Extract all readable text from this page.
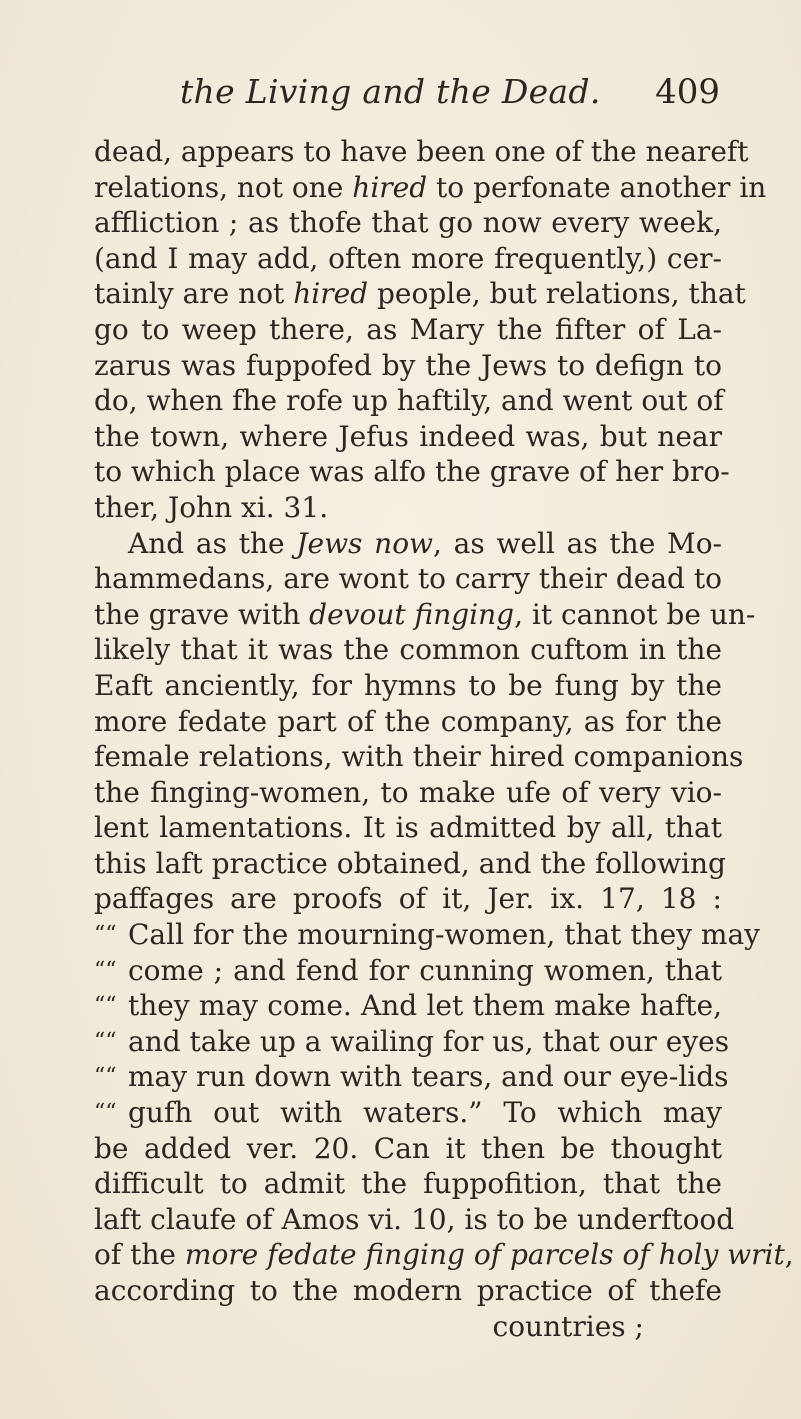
the Living and the Dead. 409
dead, appears to have been one of the neareft
relations, not one hired to perfonate another in
affliction ; as thofe that go now every week,
(and I may add, often more frequently,) cer-
tainly are not hired people, but relations, that
go to weep there, as Mary the fifter of La-
zarus was fuppofed by the Jews to defign to
do, when fhe rofe up haftily, and went out of
the town, where Jefus indeed was, but near
to which place was alfo the grave of her bro-
ther, John xi. 31.
And as the Jews now, as well as the Mo-
hammedans, are wont to carry their dead to
the grave with devout finging, it cannot be un-
likely that it was the common cuftom in the
Eaft anciently, for hymns to be fung by the
more fedate part of the company, as for the
female relations, with their hired companions
the finging-women, to make ufe of very vio-
lent lamentations. It is admitted by all, that
this laft practice obtained, and the following
paffages are proofs of it, Jer. ix. 17, 18 :
““ Call for the mourning-women, that they may
““ come ; and fend for cunning women, that
““ they may come. And let them make hafte,
““ and take up a wailing for us, that our eyes
““ may run down with tears, and our eye-lids
““ gufh out with waters.” To which may
be added ver. 20. Can it then be thought
difficult to admit the fuppofition, that the
laft claufe of Amos vi. 10, is to be underftood
of the more fedate finging of parcels of holy writ,
according to the modern practice of thefe
countries ;
